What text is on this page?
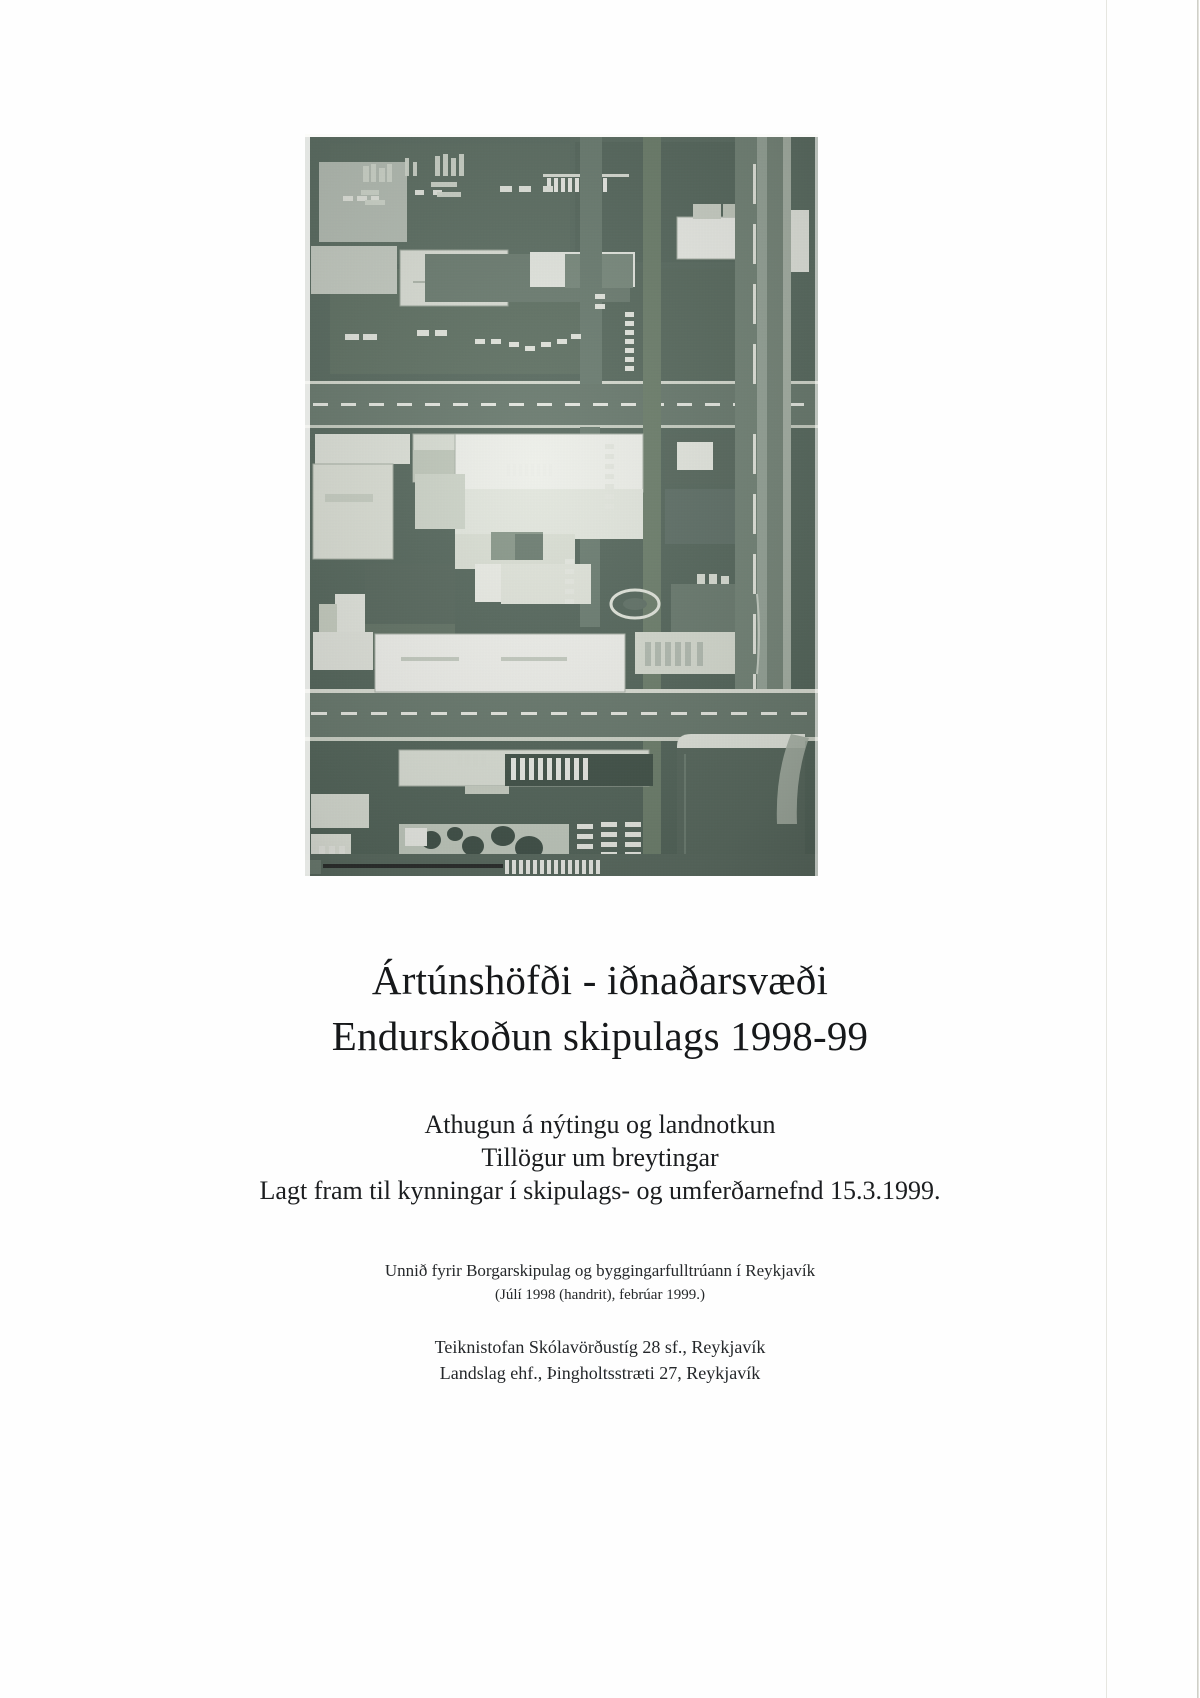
Ártúnshöfði - iðnaðarsvæði
Endurskoðun skipulags 1998-99
Athugun á nýtingu og landnotkun
Tillögur um breytingar
Lagt fram til kynningar í skipulags- og umferðarnefnd 15.3.1999.
Unnið fyrir Borgarskipulag og byggingarfulltrúann í Reykjavík
(Júlí 1998 (handrit), febrúar 1999.)
Teiknistofan Skólavörðustíg 28 sf., Reykjavík
Landslag ehf., Þingholtsstræti 27, Reykjavík
